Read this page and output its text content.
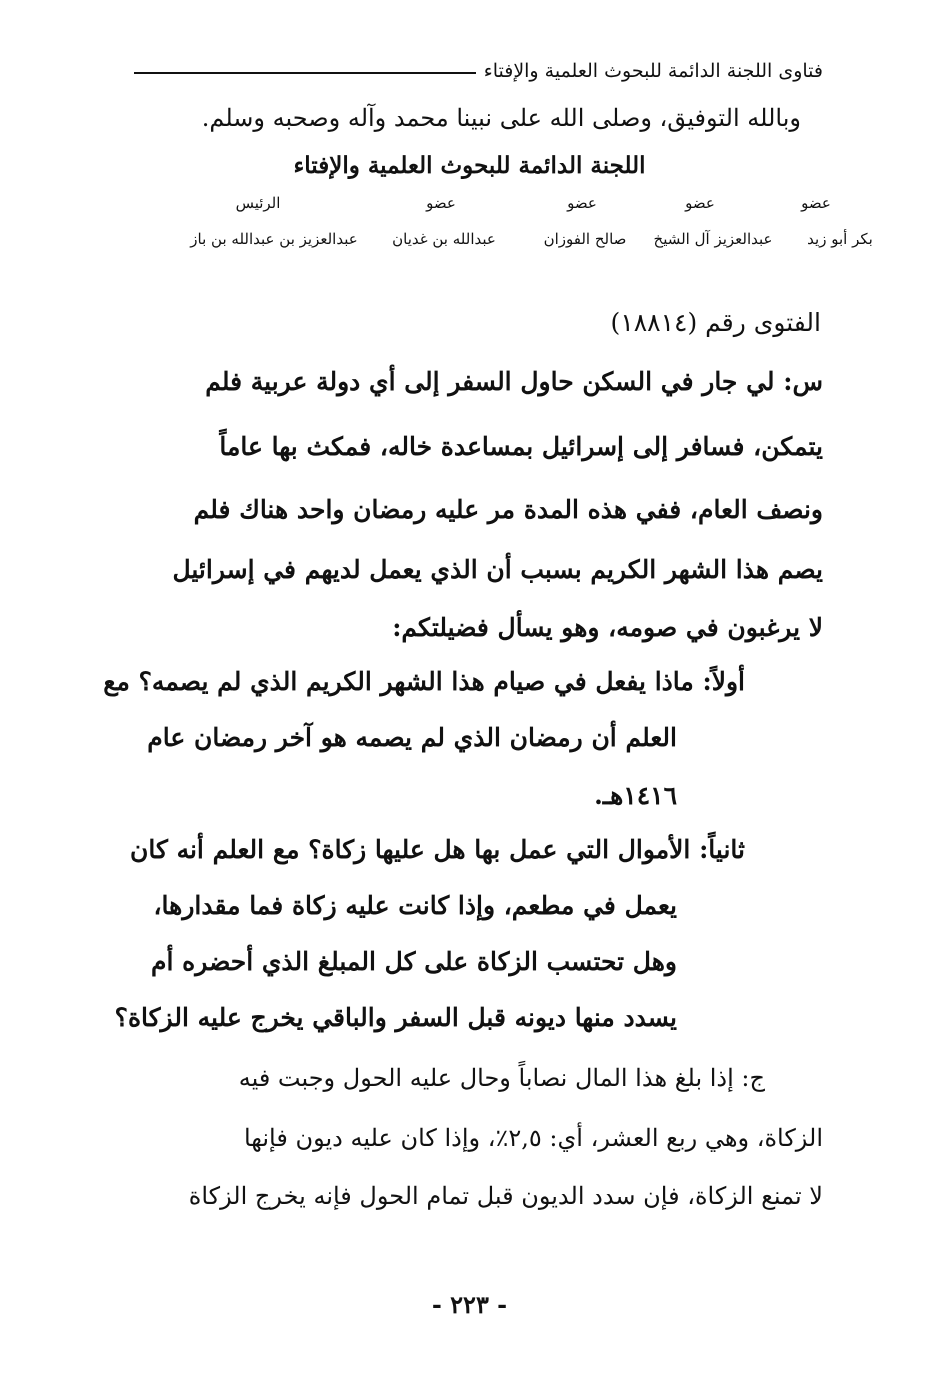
فتاوى اللجنة الدائمة للبحوث العلمية والإفتاء
وبالله التوفيق، وصلى الله على نبينا محمد وآله وصحبه وسلم.
اللجنة الدائمة للبحوث العلمية والإفتاء
عضو
عضو
عضو
عضو
الرئيس
بكر أبو زيد
عبدالعزيز آل الشيخ
صالح الفوزان
عبدالله بن غديان
عبدالعزيز بن عبدالله بن باز
الفتوى رقم (١٨٨١٤)
س: لي جار في السكن حاول السفر إلى أي دولة عربية فلم
يتمكن، فسافر إلى إسرائيل بمساعدة خاله، فمكث بها عاماً
ونصف العام، ففي هذه المدة مر عليه رمضان واحد هناك فلم
يصم هذا الشهر الكريم بسبب أن الذي يعمل لديهم في إسرائيل
لا يرغبون في صومه، وهو يسأل فضيلتكم:
أولاً: ماذا يفعل في صيام هذا الشهر الكريم الذي لم يصمه؟ مع
العلم أن رمضان الذي لم يصمه هو آخر رمضان عام
١٤١٦هـ.
ثانياً: الأموال التي عمل بها هل عليها زكاة؟ مع العلم أنه كان
يعمل في مطعم، وإذا كانت عليه زكاة فما مقدارها،
وهل تحتسب الزكاة على كل المبلغ الذي أحضره أم
يسدد منها ديونه قبل السفر والباقي يخرج عليه الزكاة؟
ج: إذا بلغ هذا المال نصاباً وحال عليه الحول وجبت فيه
الزكاة، وهي ربع العشر، أي: ٢,٥٪، وإذا كان عليه ديون فإنها
لا تمنع الزكاة، فإن سدد الديون قبل تمام الحول فإنه يخرج الزكاة
- ٢٢٣ -
